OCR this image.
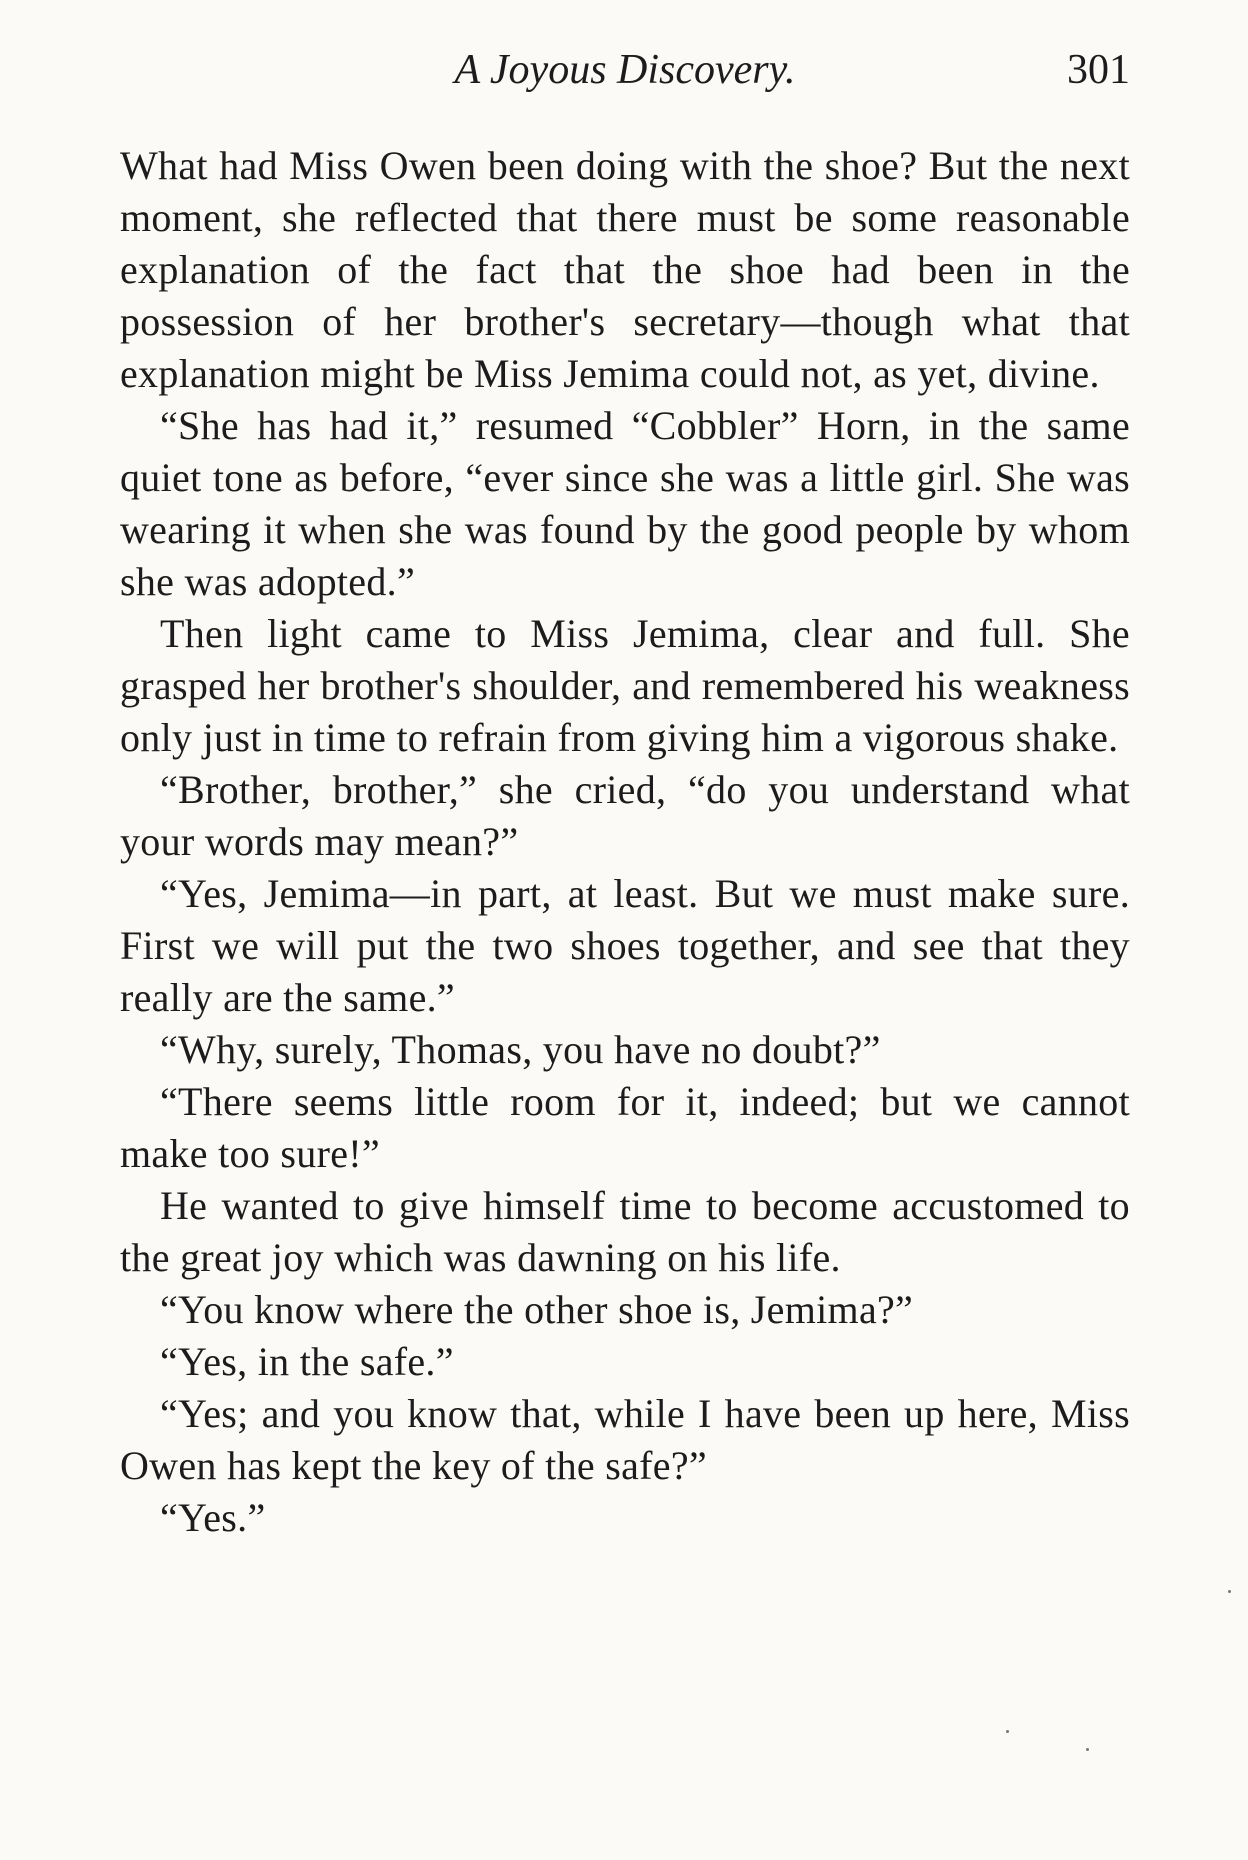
A Joyous Discovery.	301

What had Miss Owen been doing with the shoe? But the next moment, she reflected that there must be some reasonable explanation of the fact that the shoe had been in the possession of her brother's secretary—though what that explanation might be Miss Jemima could not, as yet, divine.

“She has had it,” resumed “Cobbler” Horn, in the same quiet tone as before, “ever since she was a little girl. She was wearing it when she was found by the good people by whom she was adopted.”

Then light came to Miss Jemima, clear and full. She grasped her brother's shoulder, and remembered his weakness only just in time to refrain from giving him a vigorous shake.

“Brother, brother,” she cried, “do you understand what your words may mean?”

“Yes, Jemima—in part, at least. But we must make sure. First we will put the two shoes together, and see that they really are the same.”

“Why, surely, Thomas, you have no doubt?”

“There seems little room for it, indeed; but we cannot make too sure!”

He wanted to give himself time to become accustomed to the great joy which was dawning on his life.

“You know where the other shoe is, Jemima?”

“Yes, in the safe.”

“Yes; and you know that, while I have been up here, Miss Owen has kept the key of the safe?”

“Yes.”
